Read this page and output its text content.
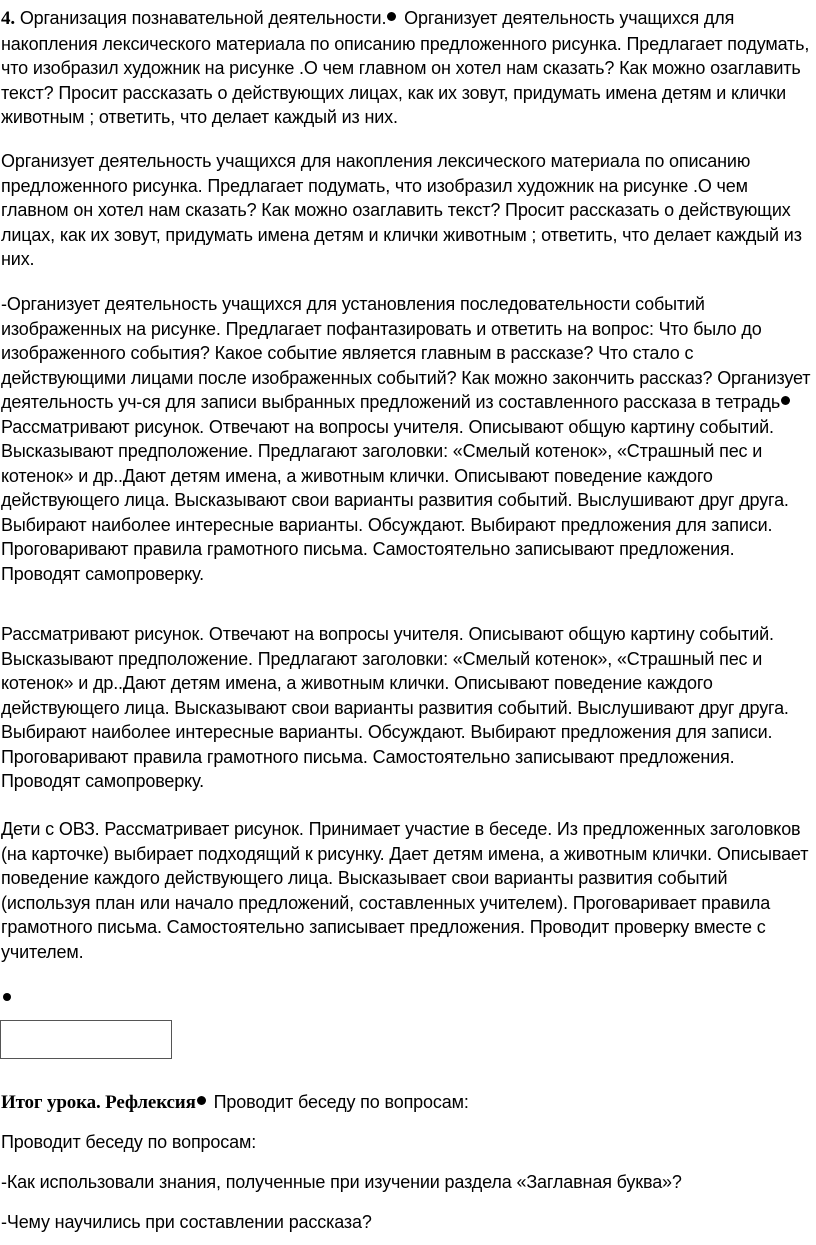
4. Организация познавательной деятельности. Организует деятельность учащихся для накопления лексического материала по описанию предложенного рисунка. Предлагает подумать, что изобразил художник на рисунке .О чем главном он хотел нам сказать? Как можно озаглавить текст? Просит рассказать о действующих лицах, как их зовут, придумать имена детям и клички животным ; ответить, что делает каждый из них.

Организует деятельность учащихся для накопления лексического материала по описанию предложенного рисунка. Предлагает подумать, что изобразил художник на рисунке .О чем главном он хотел нам сказать? Как можно озаглавить текст? Просит рассказать о действующих лицах, как их зовут, придумать имена детям и клички животным ; ответить, что делает каждый из них.

-Организует деятельность учащихся для установления последовательности событий изображенных на рисунке. Предлагает пофантазировать и ответить на вопрос: Что было до изображенного события? Какое событие является главным в рассказе? Что стало с действующими лицами после изображенных событий? Как можно закончить рассказ? Организует деятельность уч-ся для записи выбранных предложений из составленного рассказа в тетрадь Рассматривают рисунок. Отвечают на вопросы учителя. Описывают общую картину событий. Высказывают предположение. Предлагают заголовки: «Смелый котенок», «Страшный пес и котенок» и др..Дают детям имена, а животным клички. Описывают поведение каждого действующего лица. Высказывают свои варианты развития событий. Выслушивают друг друга. Выбирают наиболее интересные варианты. Обсуждают. Выбирают предложения для записи. Проговаривают правила грамотного письма. Самостоятельно записывают предложения. Проводят самопроверку.

Рассматривают рисунок. Отвечают на вопросы учителя. Описывают общую картину событий. Высказывают предположение. Предлагают заголовки: «Смелый котенок», «Страшный пес и котенок» и др..Дают детям имена, а животным клички. Описывают поведение каждого действующего лица. Высказывают свои варианты развития событий. Выслушивают друг друга. Выбирают наиболее интересные варианты. Обсуждают. Выбирают предложения для записи. Проговаривают правила грамотного письма. Самостоятельно записывают предложения. Проводят самопроверку.

Дети с ОВЗ. Рассматривает рисунок. Принимает участие в беседе. Из предложенных заголовков (на карточке) выбирает подходящий к рисунку. Дает детям имена, а животным клички. Описывает поведение каждого действующего лица. Высказывает свои варианты развития событий (используя план или начало предложений, составленных учителем). Проговаривает правила грамотного письма. Самостоятельно записывает предложения. Проводит проверку вместе с учителем.

Итог урока. Рефлексия Проводит беседу по вопросам:

Проводит беседу по вопросам:

-Как использовали знания, полученные при изучении раздела «Заглавная буква»?

-Чему научились при составлении рассказа?
